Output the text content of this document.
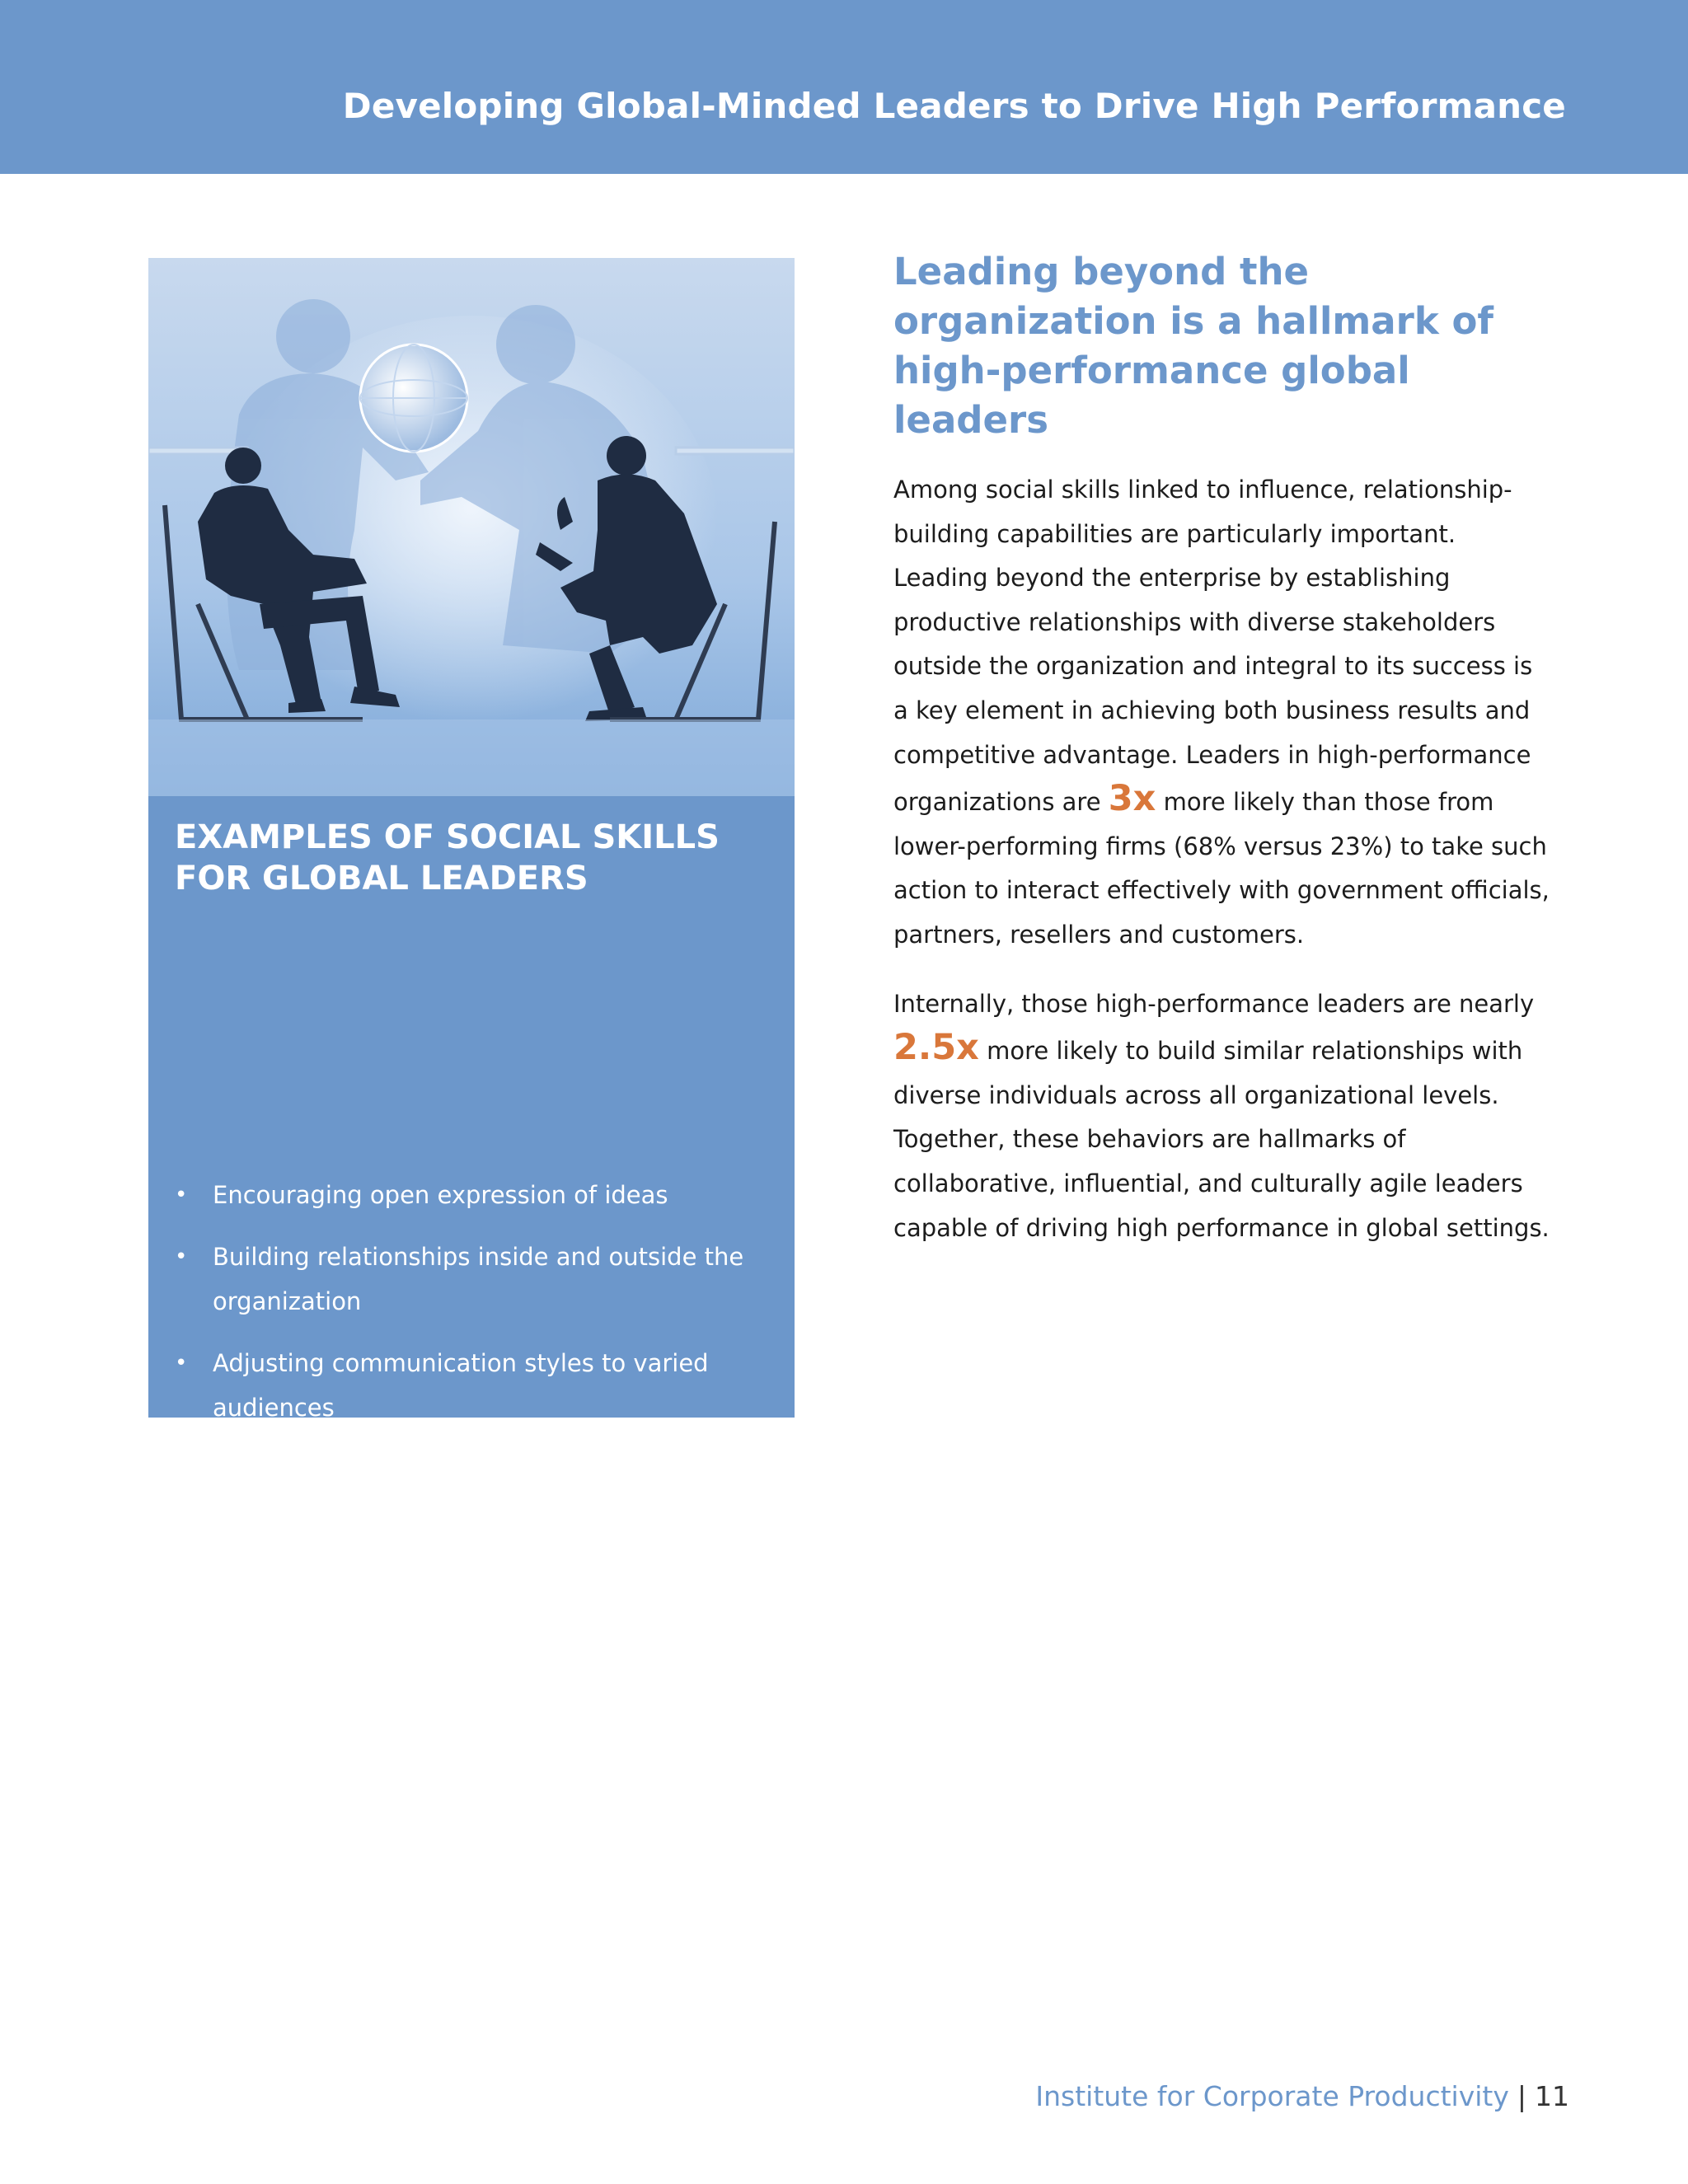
Developing Global-Minded Leaders to Drive High Performance
EXAMPLES OF SOCIAL SKILLS
FOR GLOBAL LEADERS
• Encouraging open expression of ideas
• Building relationships inside and outside the organization
• Adjusting communication styles to varied audiences
• Demonstrating awareness of global differences in cultural practices
• Maintaining positive relationships under difficult circumstances
Leading beyond the organization is a hallmark of high-performance global leaders

Among social skills linked to influence, relationship-building capabilities are particularly important. Leading beyond the enterprise by establishing productive relationships with diverse stakeholders outside the organization and integral to its success is a key element in achieving both business results and competitive advantage. Leaders in high-performance organizations are 3x more likely than those from lower-performing firms (68% versus 23%) to take such action to interact effectively with government officials, partners, resellers and customers.

Internally, those high-performance leaders are nearly 2.5x more likely to build similar relationships with diverse individuals across all organizational levels. Together, these behaviors are hallmarks of collaborative, influential, and culturally agile leaders capable of driving high performance in global settings.

Institute for Corporate Productivity | 11
